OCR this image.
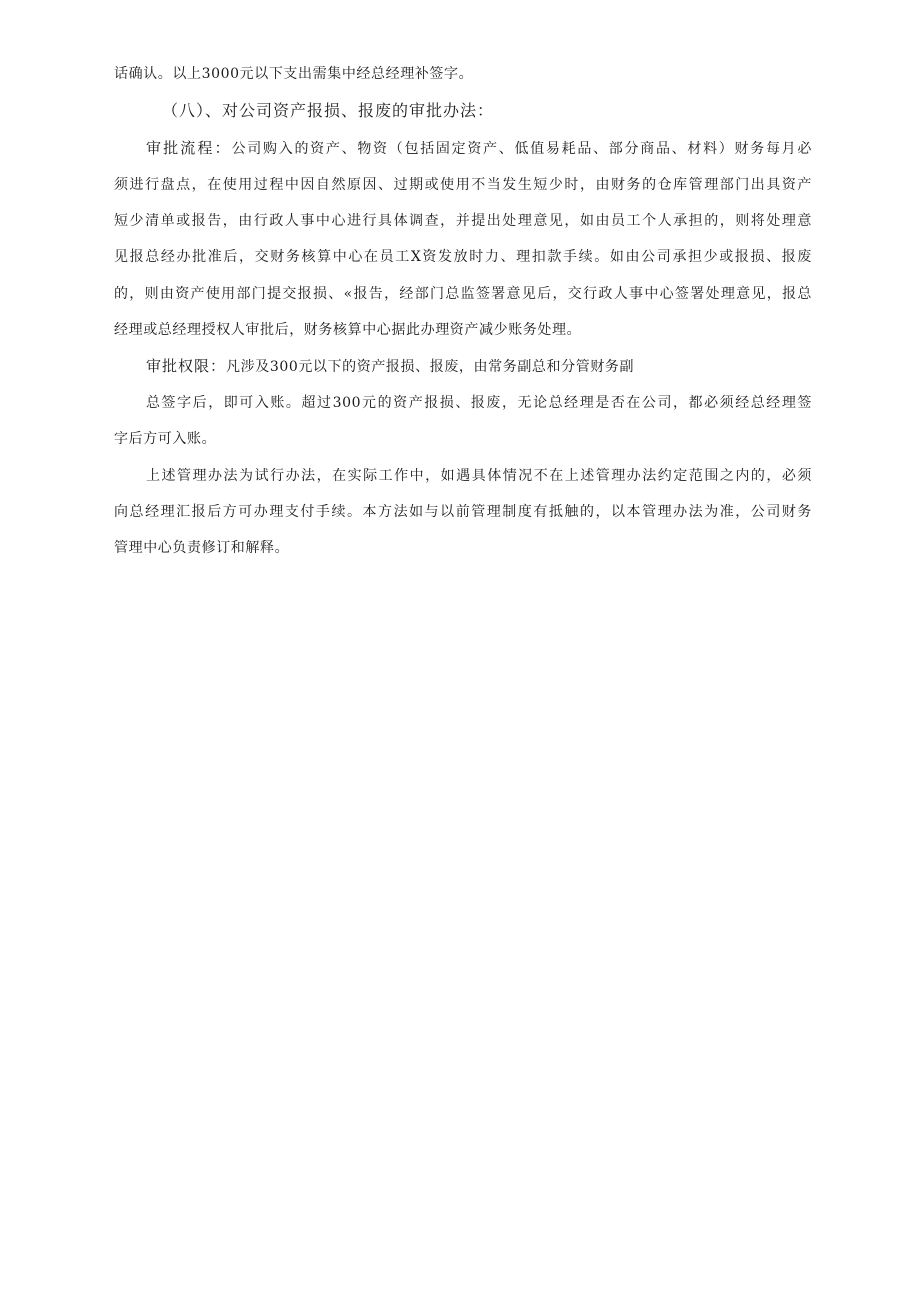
话确认。以上3000元以下支出需集中经总经理补签字。
（八）、对公司资产报损、报废的审批办法：
审批流程：公司购入的资产、物资（包括固定资产、低值易耗品、部分商品、材料）财务每月必
须进行盘点，在使用过程中因自然原因、过期或使用不当发生短少时，由财务的仓库管理部门出具资产
短少清单或报告，由行政人事中心进行具体调查，并提出处理意见，如由员工个人承担的，则将处理意
见报总经办批准后，交财务核算中心在员工X资发放时力、理扣款手续。如由公司承担少或报损、报废
的，则由资产使用部门提交报损、«报告，经部门总监签署意见后，交行政人事中心签署处理意见，报总
经理或总经理授权人审批后，财务核算中心据此办理资产减少账务处理。
审批权限：凡涉及300元以下的资产报损、报废，由常务副总和分管财务副
总签字后，即可入账。超过300元的资产报损、报废，无论总经理是否在公司，都必须经总经理签
字后方可入账。
上述管理办法为试行办法，在实际工作中，如遇具体情况不在上述管理办法约定范围之内的，必须
向总经理汇报后方可办理支付手续。本方法如与以前管理制度有抵触的，以本管理办法为准，公司财务
管理中心负责修订和解释。
